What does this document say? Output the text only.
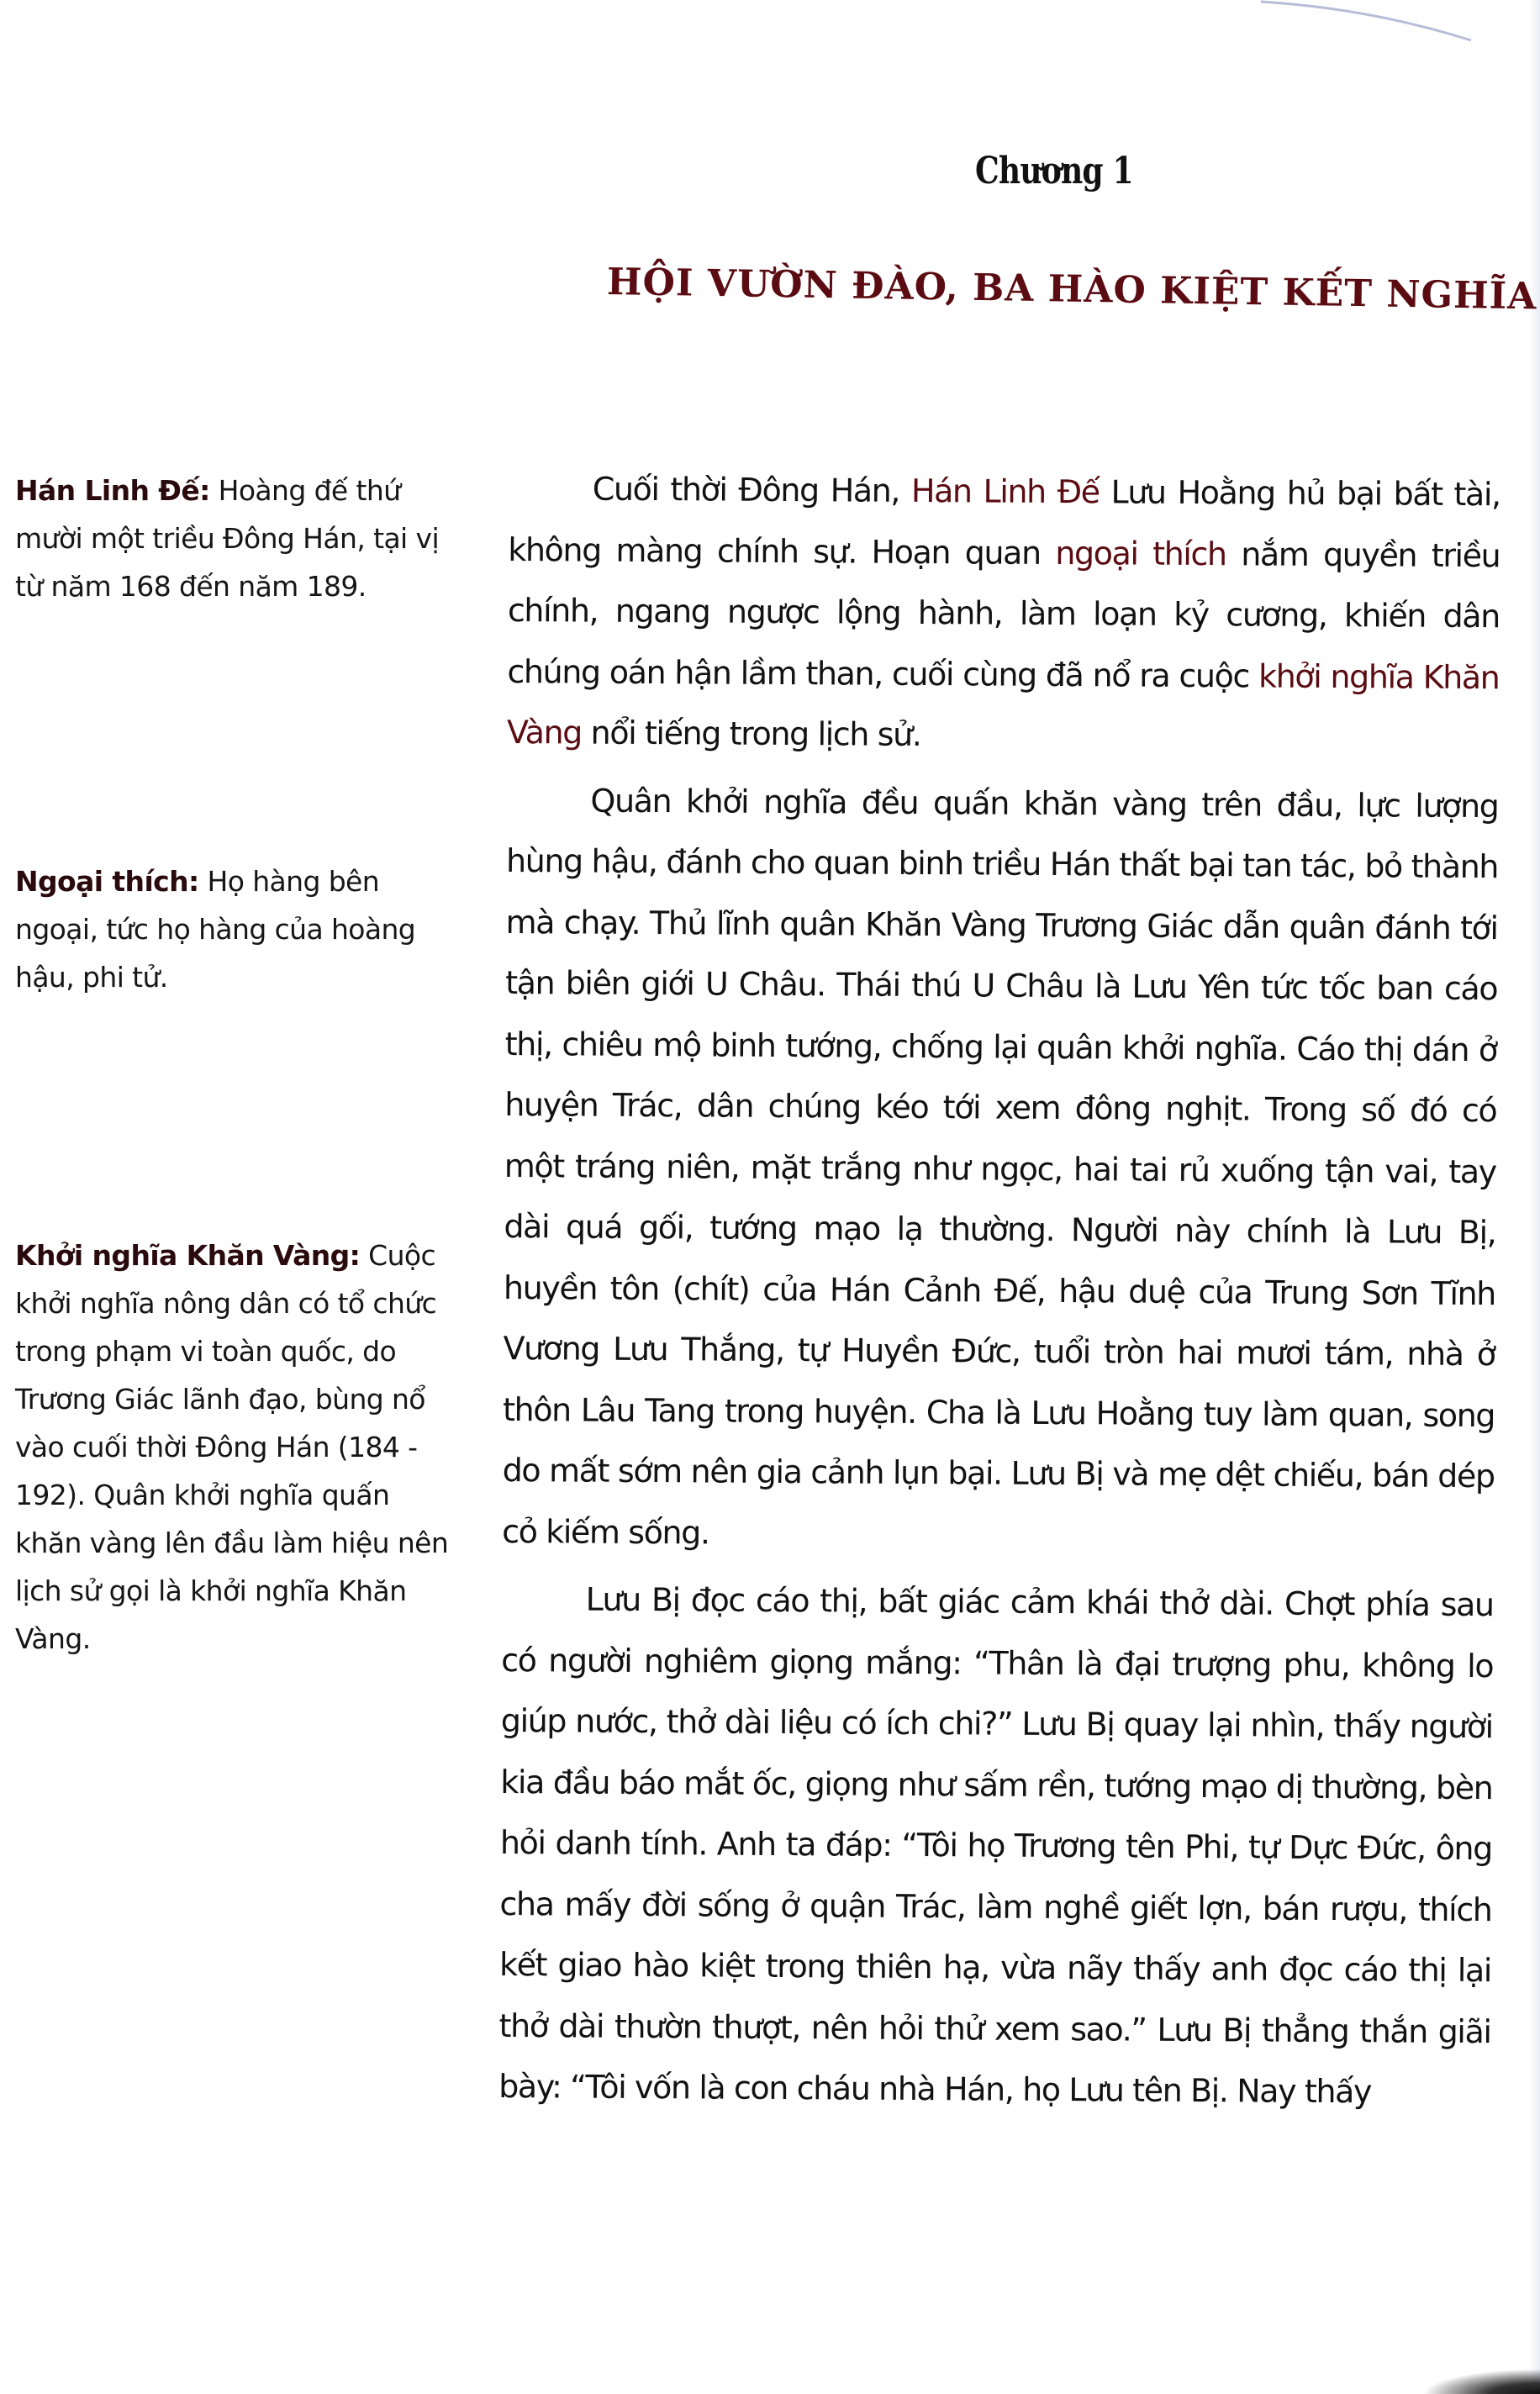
Chương 1
HỘI VƯỜN ĐÀO, BA HÀO KIỆT KẾT NGHĨA
Hán Linh Đế: Hoàng đế thứ mười một triều Đông Hán, tại vị từ năm 168 đến năm 189.
Ngoại thích: Họ hàng bên ngoại, tức họ hàng của hoàng hậu, phi tử.
Khởi nghĩa Khăn Vàng: Cuộc khởi nghĩa nông dân có tổ chức trong phạm vi toàn quốc, do Trương Giác lãnh đạo, bùng nổ vào cuối thời Đông Hán (184 - 192). Quân khởi nghĩa quấn khăn vàng lên đầu làm hiệu nên lịch sử gọi là khởi nghĩa Khăn Vàng.

Cuối thời Đông Hán, Hán Linh Đế Lưu Hoằng hủ bại bất tài, không màng chính sự. Hoạn quan ngoại thích nắm quyền triều chính, ngang ngược lộng hành, làm loạn kỷ cương, khiến dân chúng oán hận lầm than, cuối cùng đã nổ ra cuộc khởi nghĩa Khăn Vàng nổi tiếng trong lịch sử.

Quân khởi nghĩa đều quấn khăn vàng trên đầu, lực lượng hùng hậu, đánh cho quan binh triều Hán thất bại tan tác, bỏ thành mà chạy. Thủ lĩnh quân Khăn Vàng Trương Giác dẫn quân đánh tới tận biên giới U Châu. Thái thú U Châu là Lưu Yên tức tốc ban cáo thị, chiêu mộ binh tướng, chống lại quân khởi nghĩa. Cáo thị dán ở huyện Trác, dân chúng kéo tới xem đông nghịt. Trong số đó có một tráng niên, mặt trắng như ngọc, hai tai rủ xuống tận vai, tay dài quá gối, tướng mạo lạ thường. Người này chính là Lưu Bị, huyền tôn (chít) của Hán Cảnh Đế, hậu duệ của Trung Sơn Tĩnh Vương Lưu Thắng, tự Huyền Đức, tuổi tròn hai mươi tám, nhà ở thôn Lâu Tang trong huyện. Cha là Lưu Hoằng tuy làm quan, song do mất sớm nên gia cảnh lụn bại. Lưu Bị và mẹ dệt chiếu, bán dép cỏ kiếm sống.

Lưu Bị đọc cáo thị, bất giác cảm khái thở dài. Chợt phía sau có người nghiêm giọng mắng: “Thân là đại trượng phu, không lo giúp nước, thở dài liệu có ích chi?” Lưu Bị quay lại nhìn, thấy người kia đầu báo mắt ốc, giọng như sấm rền, tướng mạo dị thường, bèn hỏi danh tính. Anh ta đáp: “Tôi họ Trương tên Phi, tự Dực Đức, ông cha mấy đời sống ở quận Trác, làm nghề giết lợn, bán rượu, thích kết giao hào kiệt trong thiên hạ, vừa nãy thấy anh đọc cáo thị lại thở dài thườn thượt, nên hỏi thử xem sao.” Lưu Bị thẳng thắn giãi bày: “Tôi vốn là con cháu nhà Hán, họ Lưu tên Bị. Nay thấy
